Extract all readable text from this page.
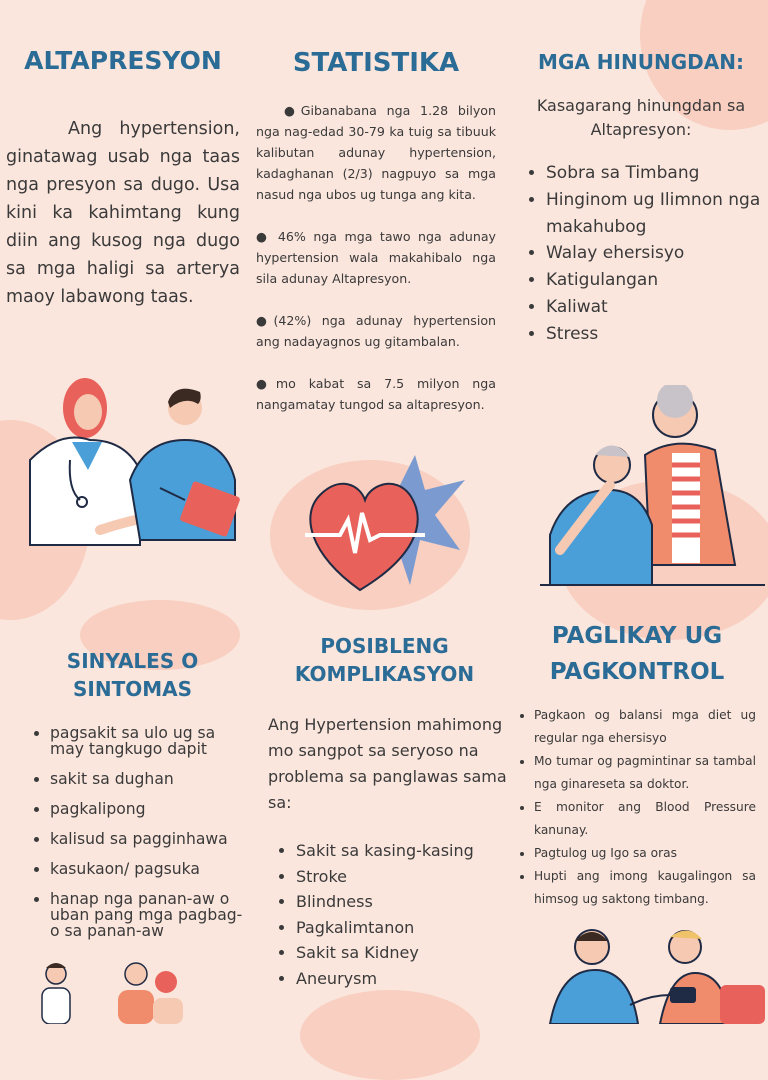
ALTAPRESYON

Ang hypertension, ginatawag usab nga taas nga presyon sa dugo. Usa kini ka kahimtang kung diin ang kusog nga dugo sa mga haligi sa arterya maoy labawong taas.

STATISTIKA

●Gibanabana nga 1.28 bilyon nga nag-edad 30-79 ka tuig sa tibuuk kalibutan adunay hypertension, kadaghanan (2/3) nagpuyo sa mga nasud nga ubos ug tunga ang kita.

● 46% nga mga tawo nga adunay hypertension wala makahibalo nga sila adunay Altapresyon.

●(42%) nga adunay hypertension ang nadayagnos ug gitambalan.

●mo kabat sa 7.5 milyon nga nangamatay tungod sa altapresyon.

MGA HINUNGDAN:

Kasagarang hinungdan sa Altapresyon:

• Sobra sa Timbang
• Hinginom ug Ilimnon nga makahubog
• Walay ehersisyo
• Katigulangan
• Kaliwat
• Stress
SINYALES O
SINTOMAS
• pagsakit sa ulo ug sa may tangkugo dapit
• sakit sa dughan
• pagkalipong
• kalisud sa pagginhawa
• kasukaon/ pagsuka
• hanap nga panan-aw o uban pang mga pagbag-o sa panan-aw
POSIBLENG
KOMPLIKASYON

Ang Hypertension mahimong mo sangpot sa seryoso na problema sa panglawas sama sa:

• Sakit sa kasing-kasing
• Stroke
• Blindness
• Pagkalimtanon
• Sakit sa Kidney
• Aneurysm
PAGLIKAY UG
PAGKONTROL
• Pagkaon og balansi mga diet ug regular nga ehersisyo
• Mo tumar og pagmintinar sa tambal nga ginareseta sa doktor.
• E monitor ang Blood Pressure kanunay.
• Pagtulog ug Igo sa oras
• Hupti ang imong kaugalingon sa himsog ug saktong timbang.
